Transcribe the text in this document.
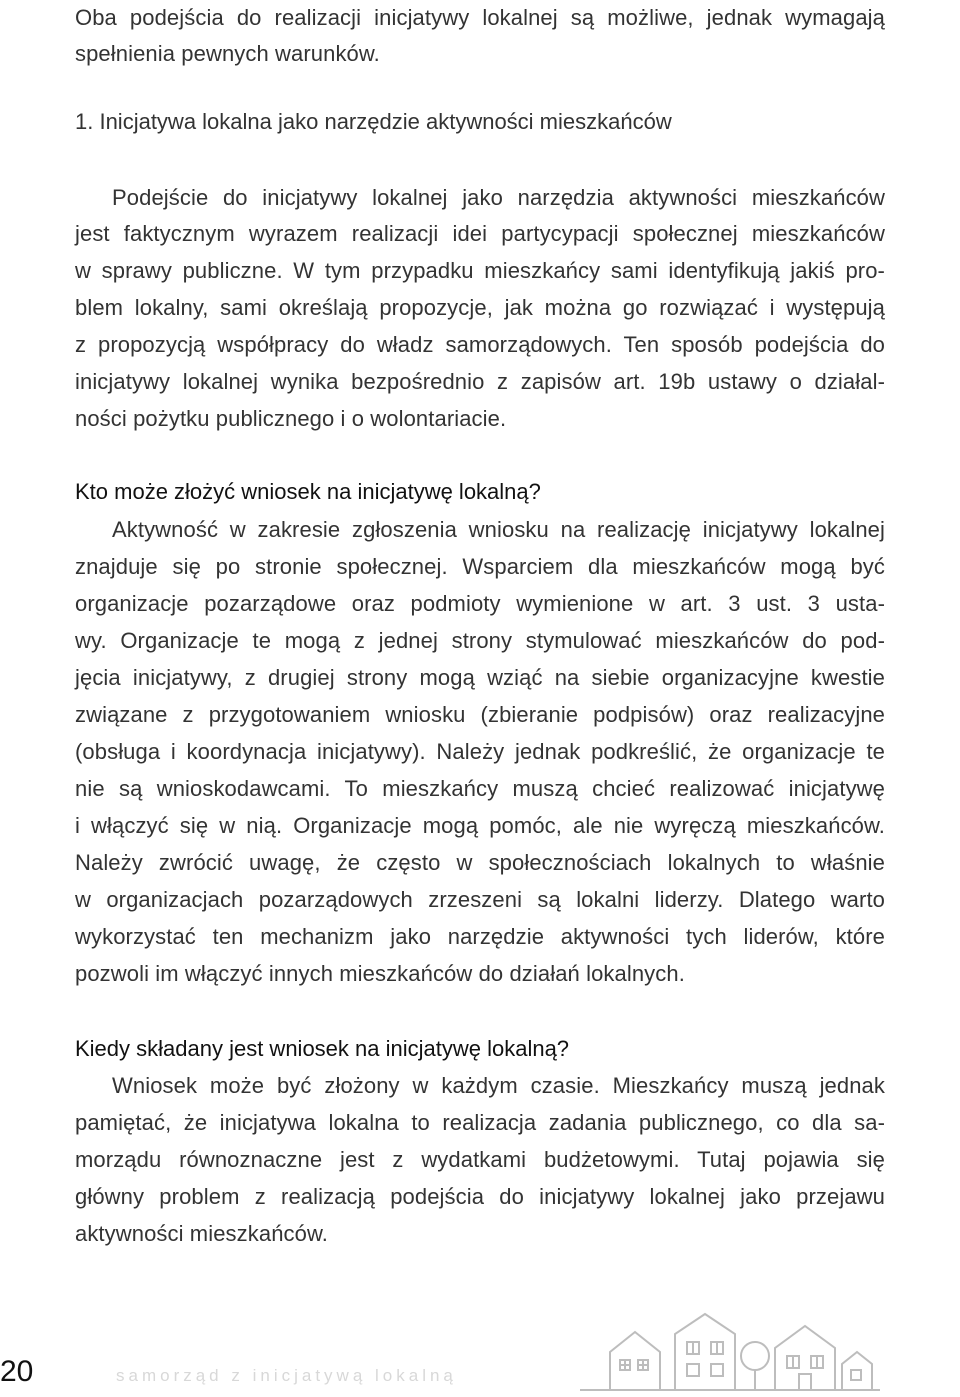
Oba podejścia do realizacji inicjatywy lokalnej są możliwe, jednak wymagają
spełnienia pewnych warunków.
1. Inicjatywa lokalna jako narzędzie aktywności mieszkańców
Podejście do inicjatywy lokalnej jako narzędzia aktywności mieszkańców
jest faktycznym wyrazem realizacji idei partycypacji społecznej mieszkańców
w sprawy publiczne. W tym przypadku mieszkańcy sami identyfikują jakiś pro-
blem lokalny, sami określają propozycje, jak można go rozwiązać i występują
z propozycją współpracy do władz samorządowych. Ten sposób podejścia do
inicjatywy lokalnej wynika bezpośrednio z zapisów art. 19b ustawy o działal-
ności pożytku publicznego i o wolontariacie.
Kto może złożyć wniosek na inicjatywę lokalną?
Aktywność w zakresie zgłoszenia wniosku na realizację inicjatywy lokalnej
znajduje się po stronie społecznej. Wsparciem dla mieszkańców mogą być
organizacje pozarządowe oraz podmioty wymienione w art. 3 ust. 3 usta-
wy. Organizacje te mogą z jednej strony stymulować mieszkańców do pod-
jęcia inicjatywy, z drugiej strony mogą wziąć na siebie organizacyjne kwestie
związane z przygotowaniem wniosku (zbieranie podpisów) oraz realizacyjne
(obsługa i koordynacja inicjatywy). Należy jednak podkreślić, że organizacje te
nie są wnioskodawcami. To mieszkańcy muszą chcieć realizować inicjatywę
i włączyć się w nią. Organizacje mogą pomóc, ale nie wyręczą mieszkańców.
Należy zwrócić uwagę, że często w społecznościach lokalnych to właśnie
w organizacjach pozarządowych zrzeszeni są lokalni liderzy. Dlatego warto
wykorzystać ten mechanizm jako narzędzie aktywności tych liderów, które
pozwoli im włączyć innych mieszkańców do działań lokalnych.
Kiedy składany jest wniosek na inicjatywę lokalną?
Wniosek może być złożony w każdym czasie. Mieszkańcy muszą jednak
pamiętać, że inicjatywa lokalna to realizacja zadania publicznego, co dla sa-
morządu równoznaczne jest z wydatkami budżetowymi. Tutaj pojawia się
główny problem z realizacją podejścia do inicjatywy lokalnej jako przejawu
aktywności mieszkańców.
20	samorząd z inicjatywą lokalną
